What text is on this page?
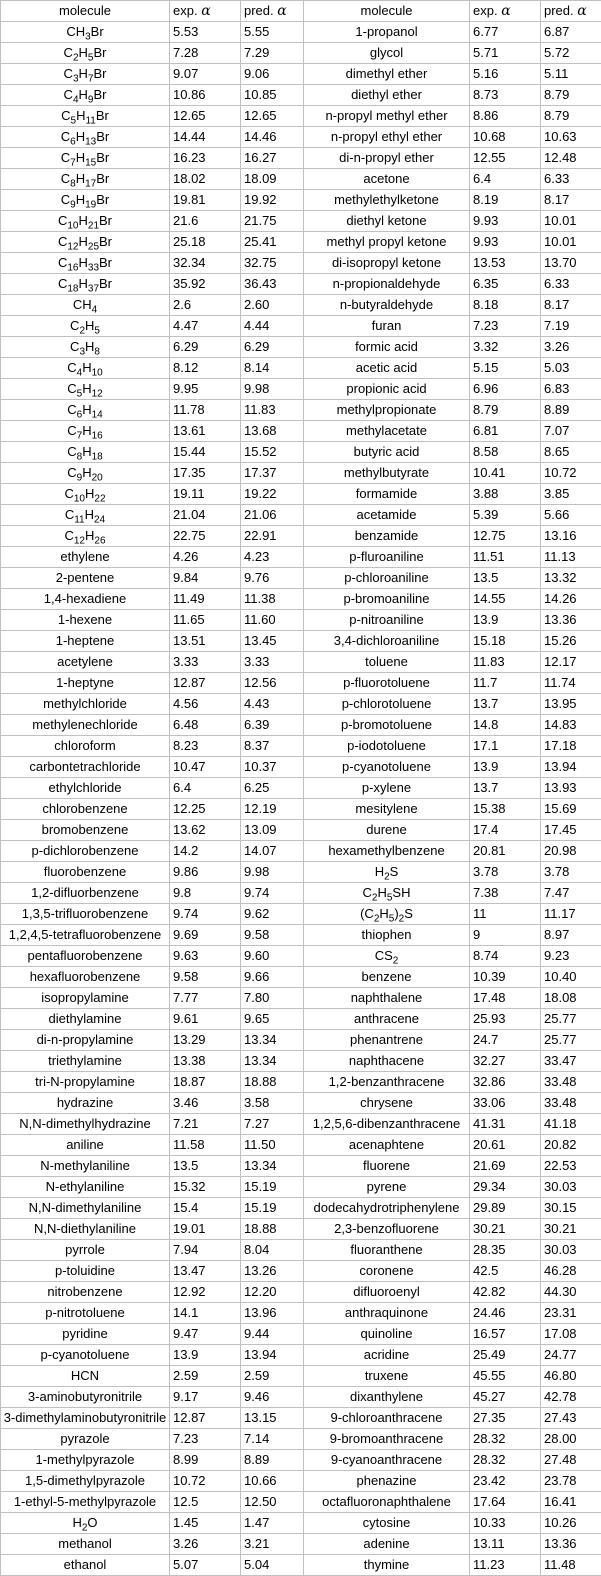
molecule	exp. α	pred. α	molecule	exp. α	pred. α
$CH_3Br$	5.53	5.55	1-propanol	6.77	6.87
$C_2H_5Br$	7.28	7.29	glycol	5.71	5.72
$C_3H_7Br$	9.07	9.06	dimethyl ether	5.16	5.11
$C_4H_9Br$	10.86	10.85	diethyl ether	8.73	8.79
$C_5H_{11}Br$	12.65	12.65	n-propyl methyl ether	8.86	8.79
$C_6H_{13}Br$	14.44	14.46	n-propyl ethyl ether	10.68	10.63
$C_7H_{15}Br$	16.23	16.27	di-n-propyl ether	12.55	12.48
$C_8H_{17}Br$	18.02	18.09	acetone	6.4	6.33
$C_9H_{19}Br$	19.81	19.92	methylethylketone	8.19	8.17
$C_{10}H_{21}Br$	21.6	21.75	diethyl ketone	9.93	10.01
$C_{12}H_{25}Br$	25.18	25.41	methyl propyl ketone	9.93	10.01
$C_{16}H_{33}Br$	32.34	32.75	di-isopropyl ketone	13.53	13.70
$C_{18}H_{37}Br$	35.92	36.43	n-propionaldehyde	6.35	6.33
$CH_4$	2.6	2.60	n-butyraldehyde	8.18	8.17
$C_2H_5$	4.47	4.44	furan	7.23	7.19
$C_3H_8$	6.29	6.29	formic acid	3.32	3.26
$C_4H_{10}$	8.12	8.14	acetic acid	5.15	5.03
$C_5H_{12}$	9.95	9.98	propionic acid	6.96	6.83
$C_6H_{14}$	11.78	11.83	methylpropionate	8.79	8.89
$C_7H_{16}$	13.61	13.68	methylacetate	6.81	7.07
$C_8H_{18}$	15.44	15.52	butyric acid	8.58	8.65
$C_9H_{20}$	17.35	17.37	methylbutyrate	10.41	10.72
$C_{10}H_{22}$	19.11	19.22	formamide	3.88	3.85
$C_{11}H_{24}$	21.04	21.06	acetamide	5.39	5.66
$C_{12}H_{26}$	22.75	22.91	benzamide	12.75	13.16
ethylene	4.26	4.23	p-fluroaniline	11.51	11.13
2-pentene	9.84	9.76	p-chloroaniline	13.5	13.32
1,4-hexadiene	11.49	11.38	p-bromoaniline	14.55	14.26
1-hexene	11.65	11.60	p-nitroaniline	13.9	13.36
1-heptene	13.51	13.45	3,4-dichloroaniline	15.18	15.26
acetylene	3.33	3.33	toluene	11.83	12.17
1-heptyne	12.87	12.56	p-fluorotoluene	11.7	11.74
methylchloride	4.56	4.43	p-chlorotoluene	13.7	13.95
methylenechloride	6.48	6.39	p-bromotoluene	14.8	14.83
chloroform	8.23	8.37	p-iodotoluene	17.1	17.18
carbontetrachloride	10.47	10.37	p-cyanotoluene	13.9	13.94
ethylchloride	6.4	6.25	p-xylene	13.7	13.93
chlorobenzene	12.25	12.19	mesitylene	15.38	15.69
bromobenzene	13.62	13.09	durene	17.4	17.45
p-dichlorobenzene	14.2	14.07	hexamethylbenzene	20.81	20.98
fluorobenzene	9.86	9.98	$H_2S$	3.78	3.78
1,2-difluorbenzene	9.8	9.74	$C_2H_5SH$	7.38	7.47
1,3,5-trifluorobenzene	9.74	9.62	$(C_2H_5)_2S$	11	11.17
1,2,4,5-tetrafluorobenzene	9.69	9.58	thiophen	9	8.97
pentafluorobenzene	9.63	9.60	$CS_2$	8.74	9.23
hexafluorobenzene	9.58	9.66	benzene	10.39	10.40
isopropylamine	7.77	7.80	naphthalene	17.48	18.08
diethylamine	9.61	9.65	anthracene	25.93	25.77
di-n-propylamine	13.29	13.34	phenantrene	24.7	25.77
triethylamine	13.38	13.34	naphthacene	32.27	33.47
tri-N-propylamine	18.87	18.88	1,2-benzanthracene	32.86	33.48
hydrazine	3.46	3.58	chrysene	33.06	33.48
N,N-dimethylhydrazine	7.21	7.27	1,2,5,6-dibenzanthracene	41.31	41.18
aniline	11.58	11.50	acenaphtene	20.61	20.82
N-methylaniline	13.5	13.34	fluorene	21.69	22.53
N-ethylaniline	15.32	15.19	pyrene	29.34	30.03
N,N-dimethylaniline	15.4	15.19	dodecahydrotriphenylene	29.89	30.15
N,N-diethylaniline	19.01	18.88	2,3-benzofluorene	30.21	30.21
pyrrole	7.94	8.04	fluoranthene	28.35	30.03
p-toluidine	13.47	13.26	coronene	42.5	46.28
nitrobenzene	12.92	12.20	difluoroenyl	42.82	44.30
p-nitrotoluene	14.1	13.96	anthraquinone	24.46	23.31
pyridine	9.47	9.44	quinoline	16.57	17.08
p-cyanotoluene	13.9	13.94	acridine	25.49	24.77
HCN	2.59	2.59	truxene	45.55	46.80
3-aminobutyronitrile	9.17	9.46	dixanthylene	45.27	42.78
3-dimethylaminobutyronitrile	12.87	13.15	9-chloroanthracene	27.35	27.43
pyrazole	7.23	7.14	9-bromoanthracene	28.32	28.00
1-methylpyrazole	8.99	8.89	9-cyanoanthracene	28.32	27.48
1,5-dimethylpyrazole	10.72	10.66	phenazine	23.42	23.78
1-ethyl-5-methylpyrazole	12.5	12.50	octafluoronaphthalene	17.64	16.41
$H_2O$	1.45	1.47	cytosine	10.33	10.26
methanol	3.26	3.21	adenine	13.11	13.36
ethanol	5.07	5.04	thymine	11.23	11.48
